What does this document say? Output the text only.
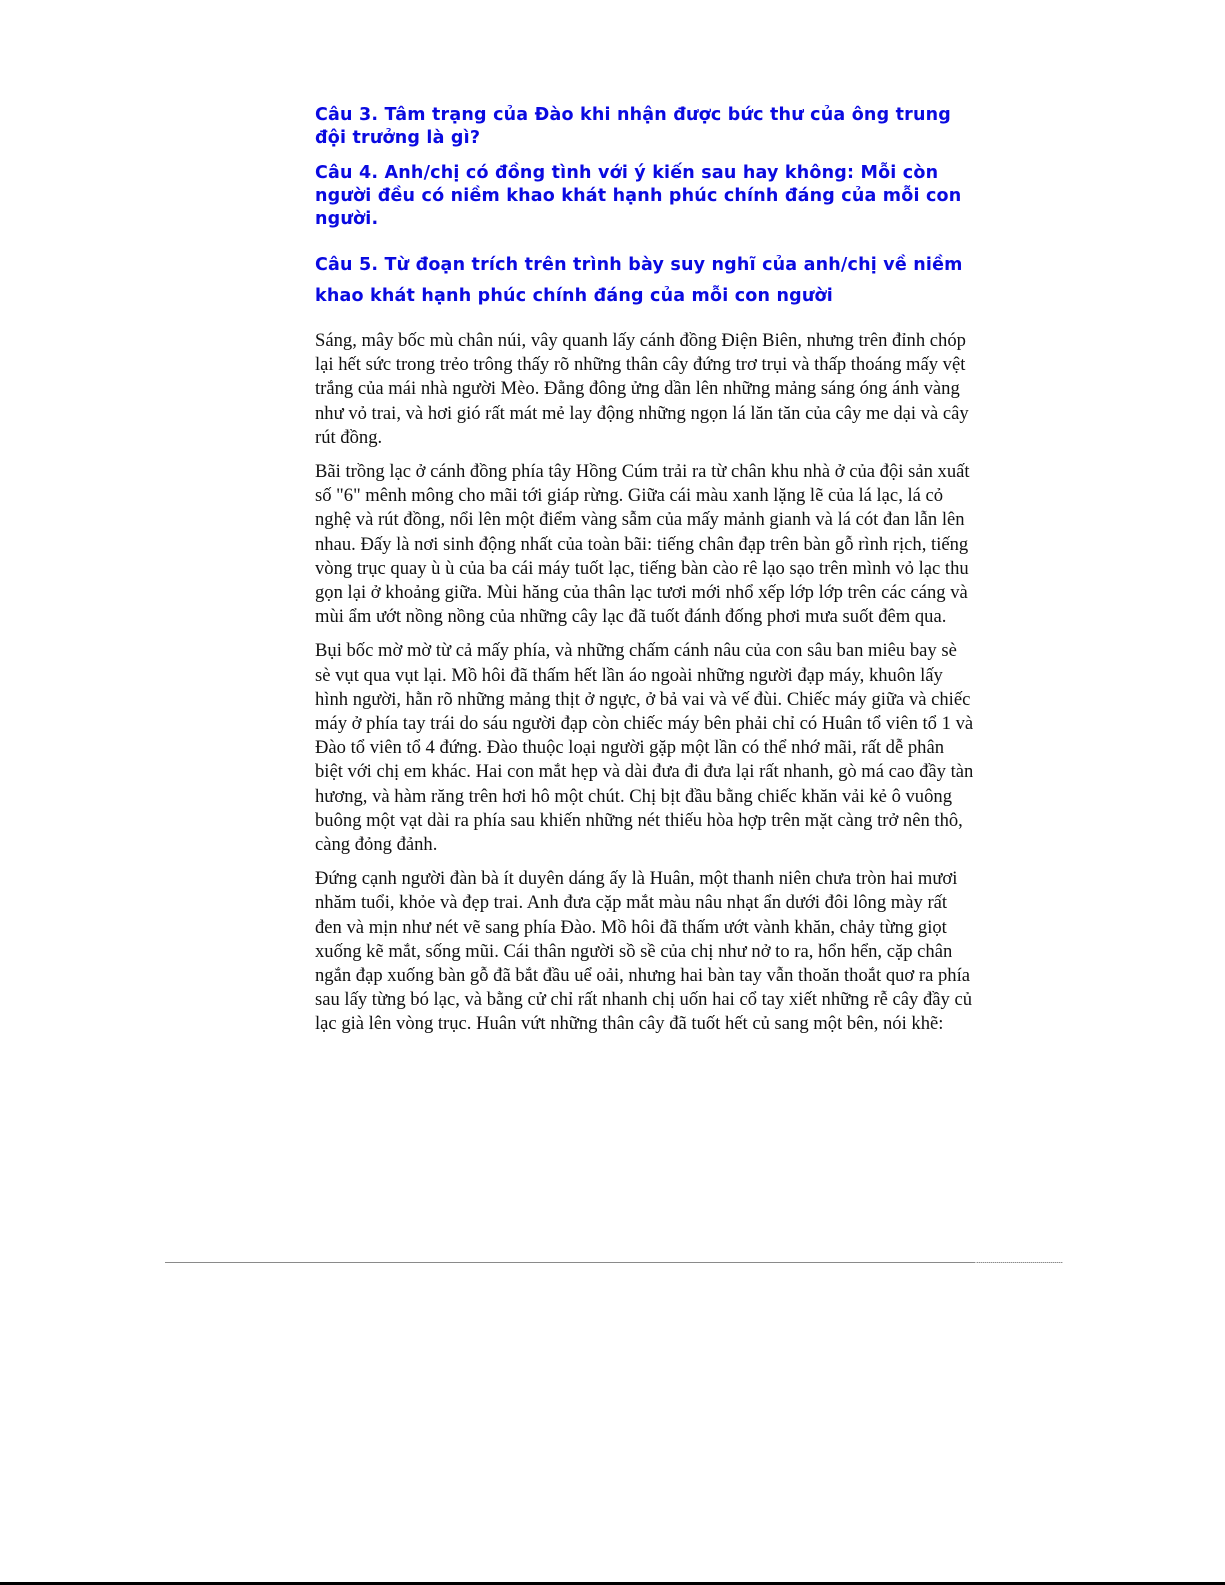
Câu 3. Tâm trạng của Đào khi nhận được bức thư của ông trung đội trưởng là gì?

Câu 4. Anh/chị có đồng tình với ý kiến sau hay không: Mỗi còn người đều có niềm khao khát hạnh phúc chính đáng của mỗi con người.

Câu 5. Từ đoạn trích trên trình bày suy nghĩ của anh/chị về niềm khao khát hạnh phúc chính đáng của mỗi con người

Sáng, mây bốc mù chân núi, vây quanh lấy cánh đồng Điện Biên, nhưng trên đỉnh chóp lại hết sức trong trẻo trông thấy rõ những thân cây đứng trơ trụi và thấp thoáng mấy vệt trắng của mái nhà người Mèo. Đằng đông ửng dần lên những mảng sáng óng ánh vàng như vỏ trai, và hơi gió rất mát mẻ lay động những ngọn lá lăn tăn của cây me dại và cây rút đồng.

Bãi trồng lạc ở cánh đồng phía tây Hồng Cúm trải ra từ chân khu nhà ở của đội sản xuất số "6" mênh mông cho mãi tới giáp rừng. Giữa cái màu xanh lặng lẽ của lá lạc, lá cỏ nghệ và rút đồng, nổi lên một điểm vàng sẫm của mấy mảnh gianh và lá cót đan lẫn lên nhau. Đấy là nơi sinh động nhất của toàn bãi: tiếng chân đạp trên bàn gỗ rình rịch, tiếng vòng trục quay ù ù của ba cái máy tuốt lạc, tiếng bàn cào rê lạo sạo trên mình vỏ lạc thu gọn lại ở khoảng giữa. Mùi hăng của thân lạc tươi mới nhổ xếp lớp lớp trên các cáng và mùi ẩm ướt nồng nồng của những cây lạc đã tuốt đánh đống phơi mưa suốt đêm qua.

Bụi bốc mờ mờ từ cả mấy phía, và những chấm cánh nâu của con sâu ban miêu bay sè sè vụt qua vụt lại. Mồ hôi đã thấm hết lần áo ngoài những người đạp máy, khuôn lấy hình người, hằn rõ những mảng thịt ở ngực, ở bả vai và vế đùi. Chiếc máy giữa và chiếc máy ở phía tay trái do sáu người đạp còn chiếc máy bên phải chỉ có Huân tổ viên tổ 1 và Đào tổ viên tổ 4 đứng. Đào thuộc loại người gặp một lần có thể nhớ mãi, rất dễ phân biệt với chị em khác. Hai con mắt hẹp và dài đưa đi đưa lại rất nhanh, gò má cao đầy tàn hương, và hàm răng trên hơi hô một chút. Chị bịt đầu bằng chiếc khăn vải kẻ ô vuông buông một vạt dài ra phía sau khiến những nét thiếu hòa hợp trên mặt càng trở nên thô, càng đỏng đảnh.

Đứng cạnh người đàn bà ít duyên dáng ấy là Huân, một thanh niên chưa tròn hai mươi nhăm tuổi, khỏe và đẹp trai. Anh đưa cặp mắt màu nâu nhạt ẩn dưới đôi lông mày rất đen và mịn như nét vẽ sang phía Đào. Mồ hôi đã thấm ướt vành khăn, chảy từng giọt xuống kẽ mắt, sống mũi. Cái thân người sồ sề của chị như nở to ra, hổn hển, cặp chân ngắn đạp xuống bàn gỗ đã bắt đầu uể oải, nhưng hai bàn tay vẫn thoăn thoắt quơ ra phía sau lấy từng bó lạc, và bằng cử chỉ rất nhanh chị uốn hai cổ tay xiết những rễ cây đầy củ lạc già lên vòng trục. Huân vứt những thân cây đã tuốt hết củ sang một bên, nói khẽ:
